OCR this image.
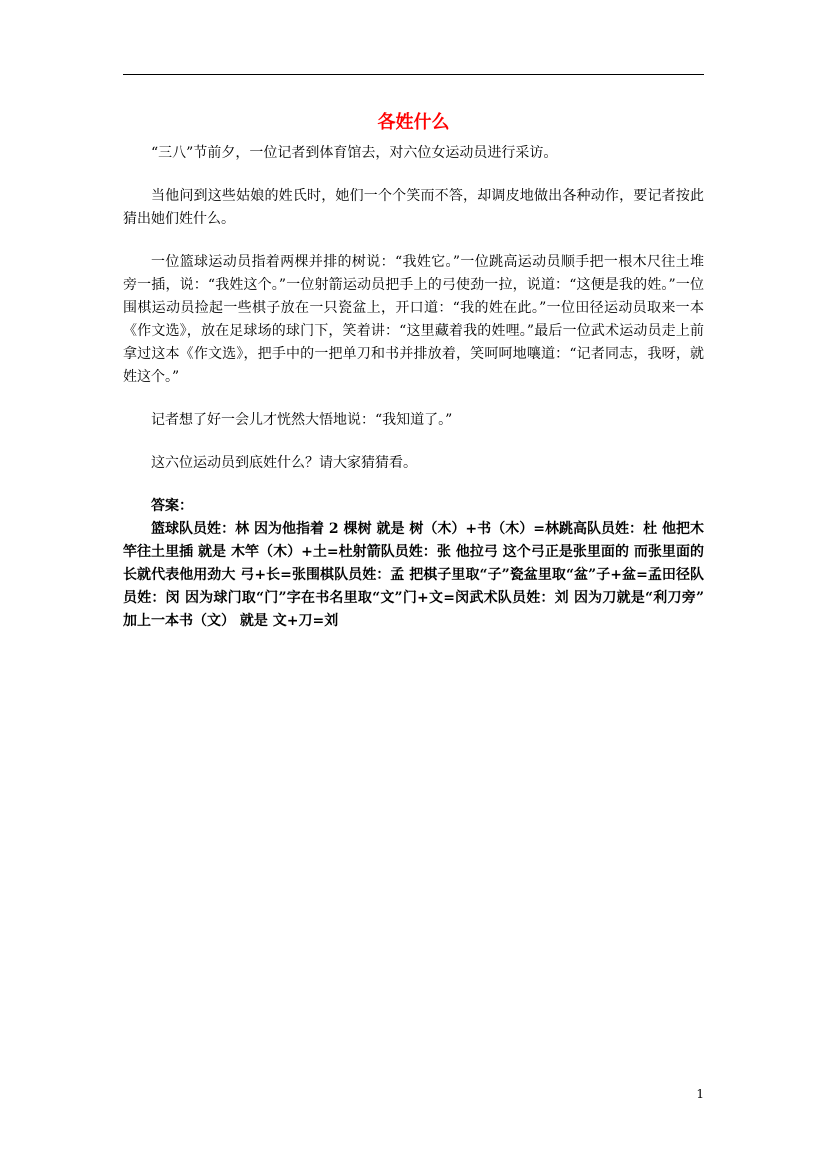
各姓什么

“三八”节前夕，一位记者到体育馆去，对六位女运动员进行采访。

当他问到这些姑娘的姓氏时，她们一个个笑而不答，却调皮地做出各种动作，要记者按此猜出她们姓什么。

一位篮球运动员指着两棵并排的树说：“我姓它。”一位跳高运动员顺手把一根木尺往土堆旁一插，说：“我姓这个。”一位射箭运动员把手上的弓使劲一拉，说道：“这便是我的姓。”一位围棋运动员捡起一些棋子放在一只瓷盆上，开口道：“我的姓在此。”一位田径运动员取来一本《作文选》，放在足球场的球门下，笑着讲：“这里藏着我的姓哩。”最后一位武术运动员走上前拿过这本《作文选》，把手中的一把单刀和书并排放着，笑呵呵地嚷道：“记者同志，我呀，就姓这个。”

记者想了好一会儿才恍然大悟地说：“我知道了。”

这六位运动员到底姓什么？请大家猜猜看。

答案：

篮球队员姓：林 因为他指着 2 棵树 就是 树（木）+书（木）=林跳高队员姓：杜 他把木竿往土里插 就是 木竿（木）+土=杜射箭队员姓：张 他拉弓 这个弓正是张里面的 而张里面的长就代表他用劲大 弓+长=张围棋队员姓：孟 把棋子里取“子”瓷盆里取“盆”子+盆=孟田径队员姓：闵 因为球门取“门”字在书名里取“文”门+文=闵武术队员姓：刘 因为刀就是“利刀旁” 加上一本书（文） 就是 文+刀=刘

1
